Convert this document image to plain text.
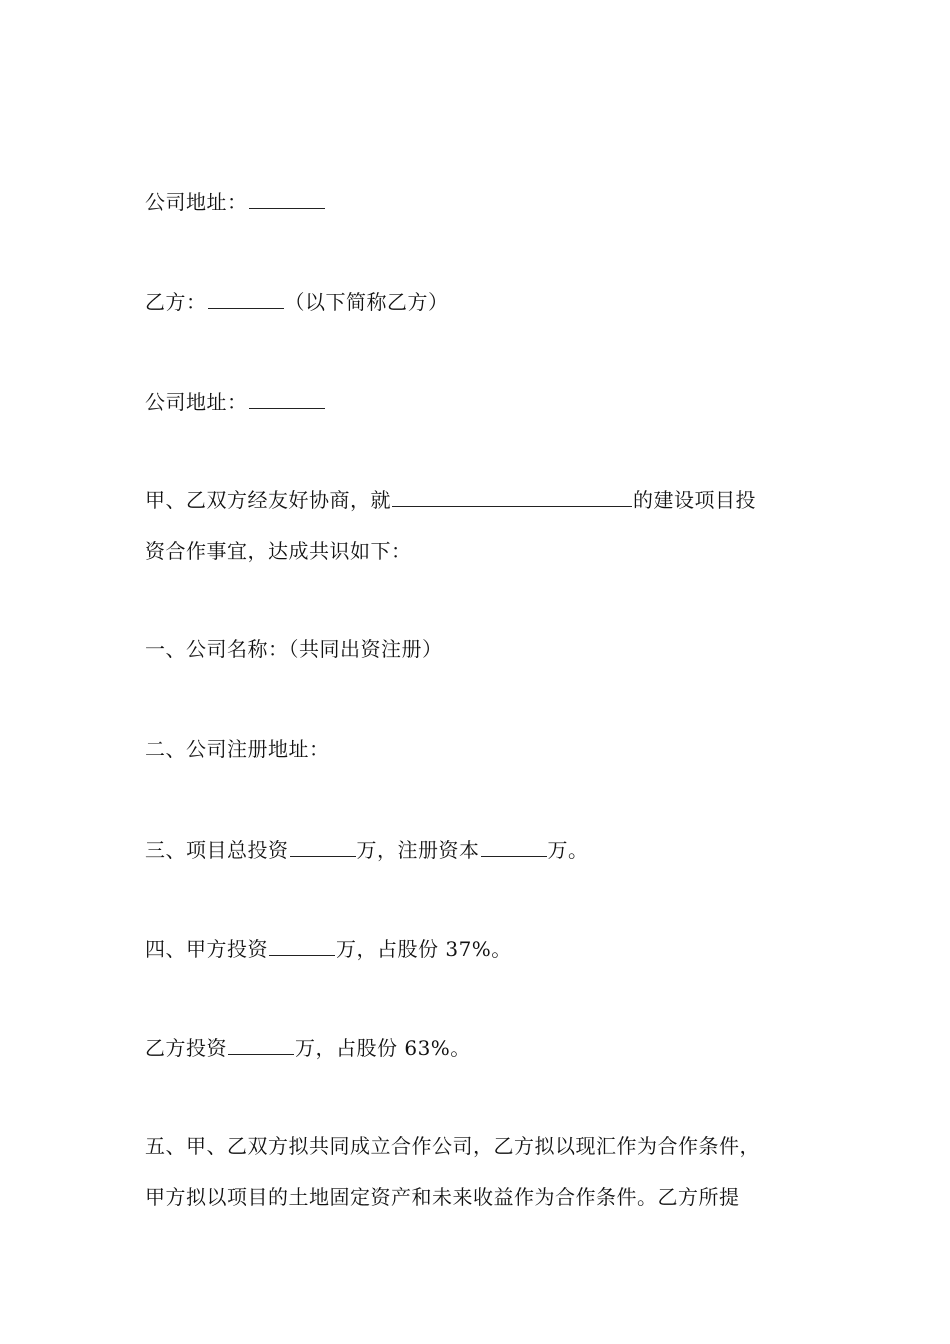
公司地址：
乙方：	（以下简称乙方）
公司地址：
甲、乙双方经友好协商，就	的建设项目投
资合作事宜，达成共识如下：
一、公司名称：（共同出资注册）
二、公司注册地址：
三、项目总投资	万，注册资本	万。
四、甲方投资	万，占股份 37%。
乙方投资	万，占股份 63%。
五、甲、乙双方拟共同成立合作公司，乙方拟以现汇作为合作条件，
甲方拟以项目的土地固定资产和未来收益作为合作条件。乙方所提
